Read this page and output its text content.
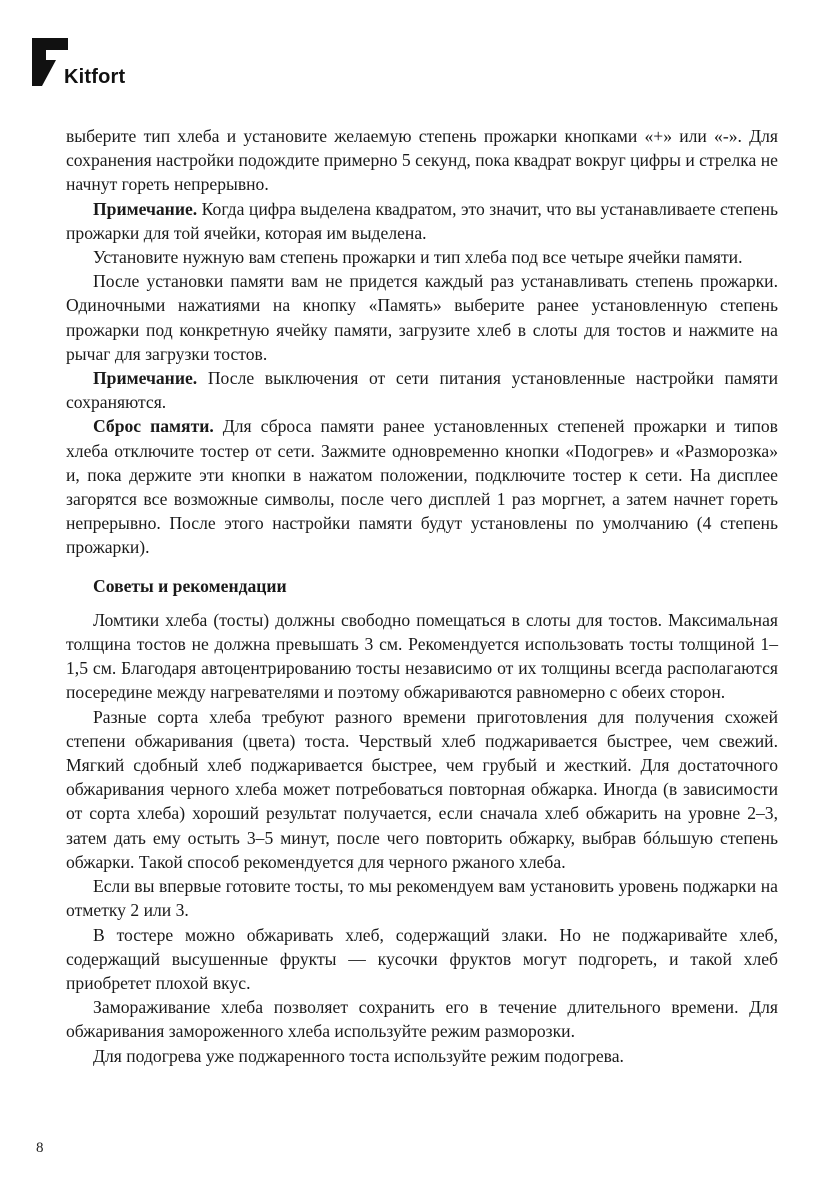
Kitfort

выберите тип хлеба и установите желаемую степень прожарки кнопками «+» или «-». Для сохранения настройки подождите примерно 5 секунд, пока квадрат вокруг цифры и стрелка не начнут гореть непрерывно.

Примечание. Когда цифра выделена квадратом, это значит, что вы устанавливаете степень прожарки для той ячейки, которая им выделена.

Установите нужную вам степень прожарки и тип хлеба под все четыре ячейки памяти.

После установки памяти вам не придется каждый раз устанавливать степень прожарки. Одиночными нажатиями на кнопку «Память» выберите ранее установленную степень прожарки под конкретную ячейку памяти, загрузите хлеб в слоты для тостов и нажмите на рычаг для загрузки тостов.

Примечание. После выключения от сети питания установленные настройки памяти сохраняются.

Сброс памяти. Для сброса памяти ранее установленных степеней прожарки и типов хлеба отключите тостер от сети. Зажмите одновременно кнопки «Подогрев» и «Разморозка» и, пока держите эти кнопки в нажатом положении, подключите тостер к сети. На дисплее загорятся все возможные символы, после чего дисплей 1 раз моргнет, а затем начнет гореть непрерывно. После этого настройки памяти будут установлены по умолчанию (4 степень прожарки).

Советы и рекомендации

Ломтики хлеба (тосты) должны свободно помещаться в слоты для тостов. Максимальная толщина тостов не должна превышать 3 см. Рекомендуется использовать тосты толщиной 1–1,5 см. Благодаря автоцентрированию тосты независимо от их толщины всегда располагаются посередине между нагревателями и поэтому обжариваются равномерно с обеих сторон.

Разные сорта хлеба требуют разного времени приготовления для получения схожей степени обжаривания (цвета) тоста. Черствый хлеб поджаривается быстрее, чем свежий. Мягкий сдобный хлеб поджаривается быстрее, чем грубый и жесткий. Для достаточного обжаривания черного хлеба может потребоваться повторная обжарка. Иногда (в зависимости от сорта хлеба) хороший результат получается, если сначала хлеб обжарить на уровне 2–3, затем дать ему остыть 3–5 минут, после чего повторить обжарку, выбрав бóльшую степень обжарки. Такой способ рекомендуется для черного ржаного хлеба.

Если вы впервые готовите тосты, то мы рекомендуем вам установить уровень поджарки на отметку 2 или 3.

В тостере можно обжаривать хлеб, содержащий злаки. Но не поджаривайте хлеб, содержащий высушенные фрукты — кусочки фруктов могут подгореть, и такой хлеб приобретет плохой вкус.

Замораживание хлеба позволяет сохранить его в течение длительного времени. Для обжаривания замороженного хлеба используйте режим разморозки.

Для подогрева уже поджаренного тоста используйте режим подогрева.

8
